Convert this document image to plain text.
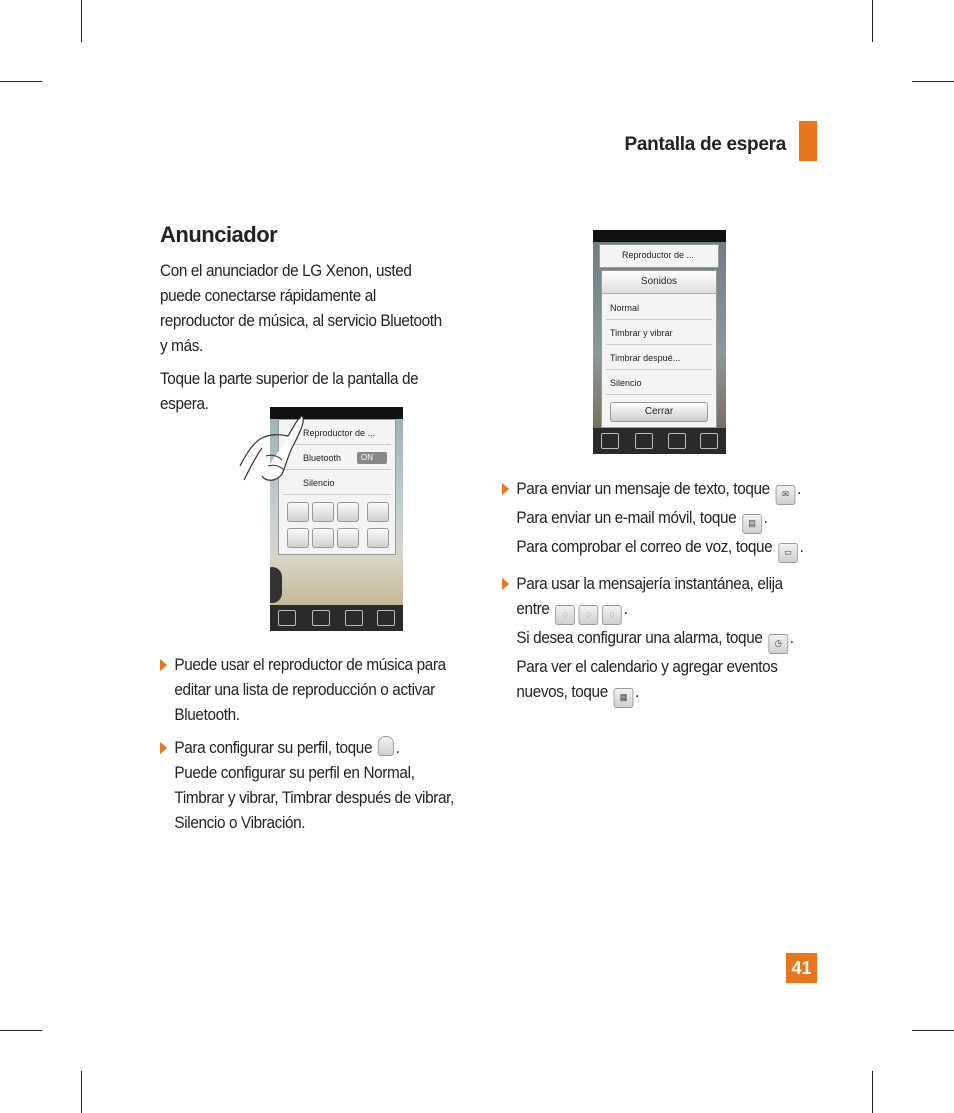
Pantalla de espera
Anunciador

Con el anunciador de LG Xenon, usted puede conectarse rápidamente al reproductor de música, al servicio Bluetooth y más.

Toque la parte superior de la pantalla de espera.

Reproductor de ...
Bluetooth	ON
Silencio
Reproductor de ...
Sonidos
Normal
Timbrar y vibrar
Timbrar despué...
Silencio
Cerrar

Puede usar el reproductor de música para editar una lista de reproducción o activar Bluetooth.

Para configurar su perfil, toque .
Puede configurar su perfil en Normal, Timbrar y vibrar, Timbrar después de vibrar, Silencio o Vibración.

Para enviar un mensaje de texto, toque ✉ .
Para enviar un e-mail móvil, toque ▤ .
Para comprobar el correo de voz, toque ▭ .

Para usar la mensajería instantánea, elija entre ◌ ◌ ◌ .
Si desea configurar una alarma, toque ◷ .
Para ver el calendario y agregar eventos nuevos, toque ▦ .

41
